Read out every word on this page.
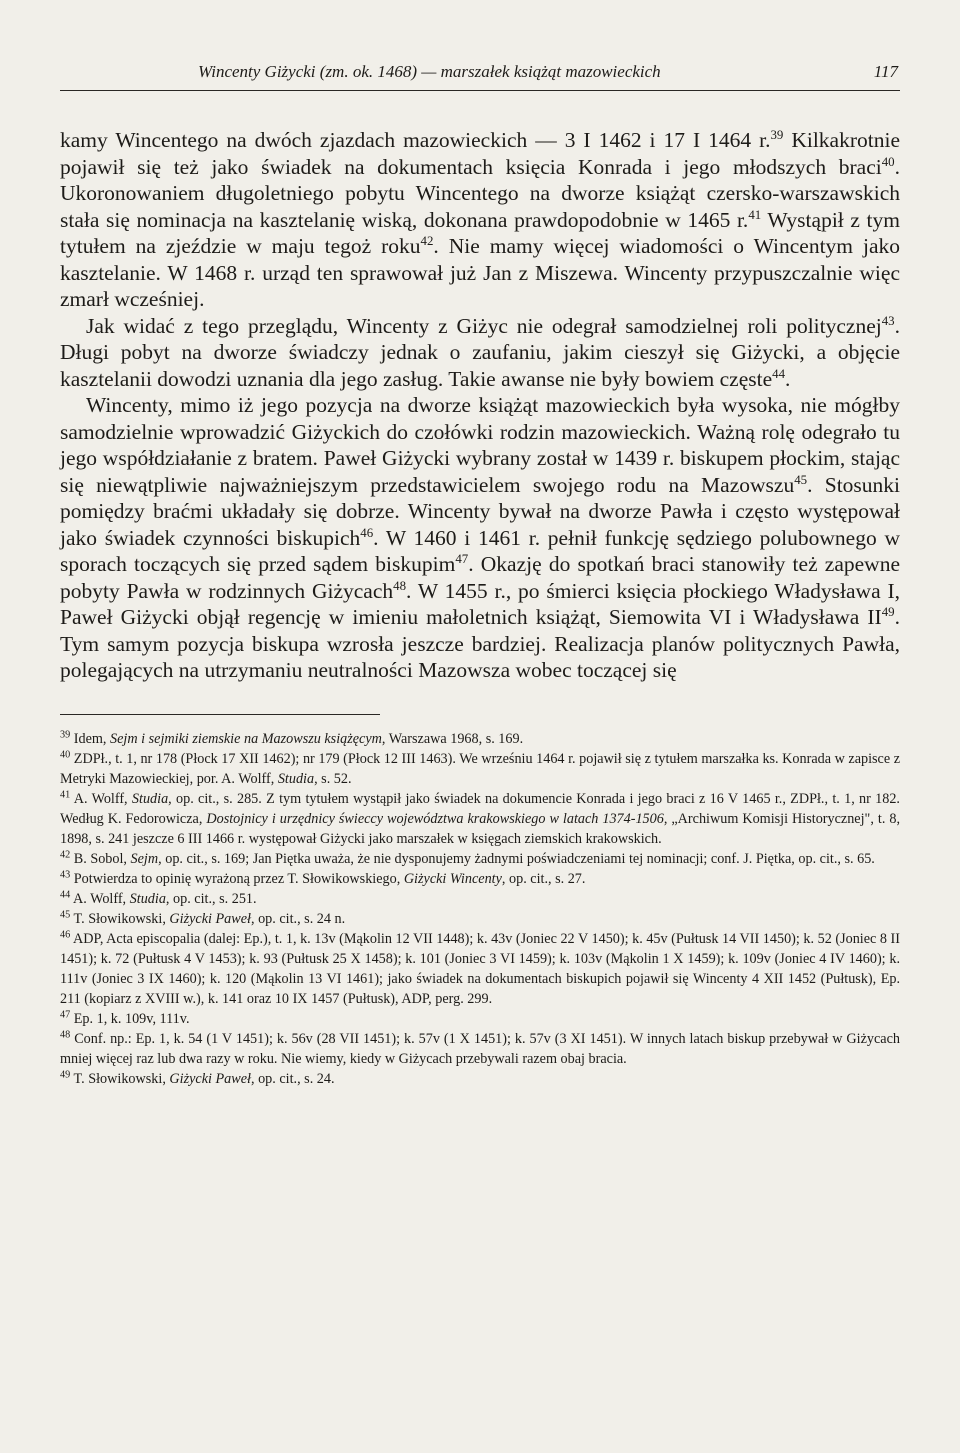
Wincenty Giżycki (zm. ok. 1468) — marszałek książąt mazowieckich	117

kamy Wincentego na dwóch zjazdach mazowieckich — 3 I 1462 i 17 I 1464 r.$^{39}$ Kilkakrotnie pojawił się też jako świadek na dokumentach księcia Konrada i jego młodszych braci$^{40}$. Ukoronowaniem długoletniego pobytu Wincentego na dworze książąt czersko-warszawskich stała się nominacja na kasztelanię wiską, dokonana prawdopodobnie w 1465 r.$^{41}$ Wystąpił z tym tytułem na zjeździe w maju tegoż roku$^{42}$. Nie mamy więcej wiadomości o Wincentym jako kasztelanie. W 1468 r. urząd ten sprawował już Jan z Miszewa. Wincenty przypuszczalnie więc zmarł wcześniej.

Jak widać z tego przeglądu, Wincenty z Giżyc nie odegrał samodzielnej roli politycznej$^{43}$. Długi pobyt na dworze świadczy jednak o zaufaniu, jakim cieszył się Giżycki, a objęcie kasztelanii dowodzi uznania dla jego zasług. Takie awanse nie były bowiem częste$^{44}$.

Wincenty, mimo iż jego pozycja na dworze książąt mazowieckich była wysoka, nie mógłby samodzielnie wprowadzić Giżyckich do czołówki rodzin mazowieckich. Ważną rolę odegrało tu jego współdziałanie z bratem. Paweł Giżycki wybrany został w 1439 r. biskupem płockim, stając się niewątpliwie najważniejszym przedstawicielem swojego rodu na Mazowszu$^{45}$. Stosunki pomiędzy braćmi układały się dobrze. Wincenty bywał na dworze Pawła i często występował jako świadek czynności biskupich$^{46}$. W 1460 i 1461 r. pełnił funkcję sędziego polubownego w sporach toczących się przed sądem biskupim$^{47}$. Okazję do spotkań braci stanowiły też zapewne pobyty Pawła w rodzinnych Giżycach$^{48}$. W 1455 r., po śmierci księcia płockiego Władysława I, Paweł Giżycki objął regencję w imieniu małoletnich książąt, Siemowita VI i Władysława II$^{49}$. Tym samym pozycja biskupa wzrosła jeszcze bardziej. Realizacja planów politycznych Pawła, polegających na utrzymaniu neutralności Mazowsza wobec toczącej się

$^{39}$ Idem, Sejm i sejmiki ziemskie na Mazowszu książęcym, Warszawa 1968, s. 169.

$^{40}$ ZDPł., t. 1, nr 178 (Płock 17 XII 1462); nr 179 (Płock 12 III 1463). We wrześniu 1464 r. pojawił się z tytułem marszałka ks. Konrada w zapisce z Metryki Mazowieckiej, por. A. Wolff, Studia, s. 52.

$^{41}$ A. Wolff, Studia, op. cit., s. 285. Z tym tytułem wystąpił jako świadek na dokumencie Konrada i jego braci z 16 V 1465 r., ZDPł., t. 1, nr 182. Według K. Fedorowicza, Dostojnicy i urzędnicy świeccy województwa krakowskiego w latach 1374-1506, „Archiwum Komisji Historycznej", t. 8, 1898, s. 241 jeszcze 6 III 1466 r. występował Giżycki jako marszałek w księgach ziemskich krakowskich.

$^{42}$ B. Sobol, Sejm, op. cit., s. 169; Jan Piętka uważa, że nie dysponujemy żadnymi poświadczeniami tej nominacji; conf. J. Piętka, op. cit., s. 65.

$^{43}$ Potwierdza to opinię wyrażoną przez T. Słowikowskiego, Giżycki Wincenty, op. cit., s. 27.

$^{44}$ A. Wolff, Studia, op. cit., s. 251.

$^{45}$ T. Słowikowski, Giżycki Paweł, op. cit., s. 24 n.

$^{46}$ ADP, Acta episcopalia (dalej: Ep.), t. 1, k. 13v (Mąkolin 12 VII 1448); k. 43v (Joniec 22 V 1450); k. 45v (Pułtusk 14 VII 1450); k. 52 (Joniec 8 II 1451); k. 72 (Pułtusk 4 V 1453); k. 93 (Pułtusk 25 X 1458); k. 101 (Joniec 3 VI 1459); k. 103v (Mąkolin 1 X 1459); k. 109v (Joniec 4 IV 1460); k. 111v (Joniec 3 IX 1460); k. 120 (Mąkolin 13 VI 1461); jako świadek na dokumentach biskupich pojawił się Wincenty 4 XII 1452 (Pułtusk), Ep. 211 (kopiarz z XVIII w.), k. 141 oraz 10 IX 1457 (Pułtusk), ADP, perg. 299.

$^{47}$ Ep. 1, k. 109v, 111v.

$^{48}$ Conf. np.: Ep. 1, k. 54 (1 V 1451); k. 56v (28 VII 1451); k. 57v (1 X 1451); k. 57v (3 XI 1451). W innych latach biskup przebywał w Giżycach mniej więcej raz lub dwa razy w roku. Nie wiemy, kiedy w Giżycach przebywali razem obaj bracia.

$^{49}$ T. Słowikowski, Giżycki Paweł, op. cit., s. 24.
